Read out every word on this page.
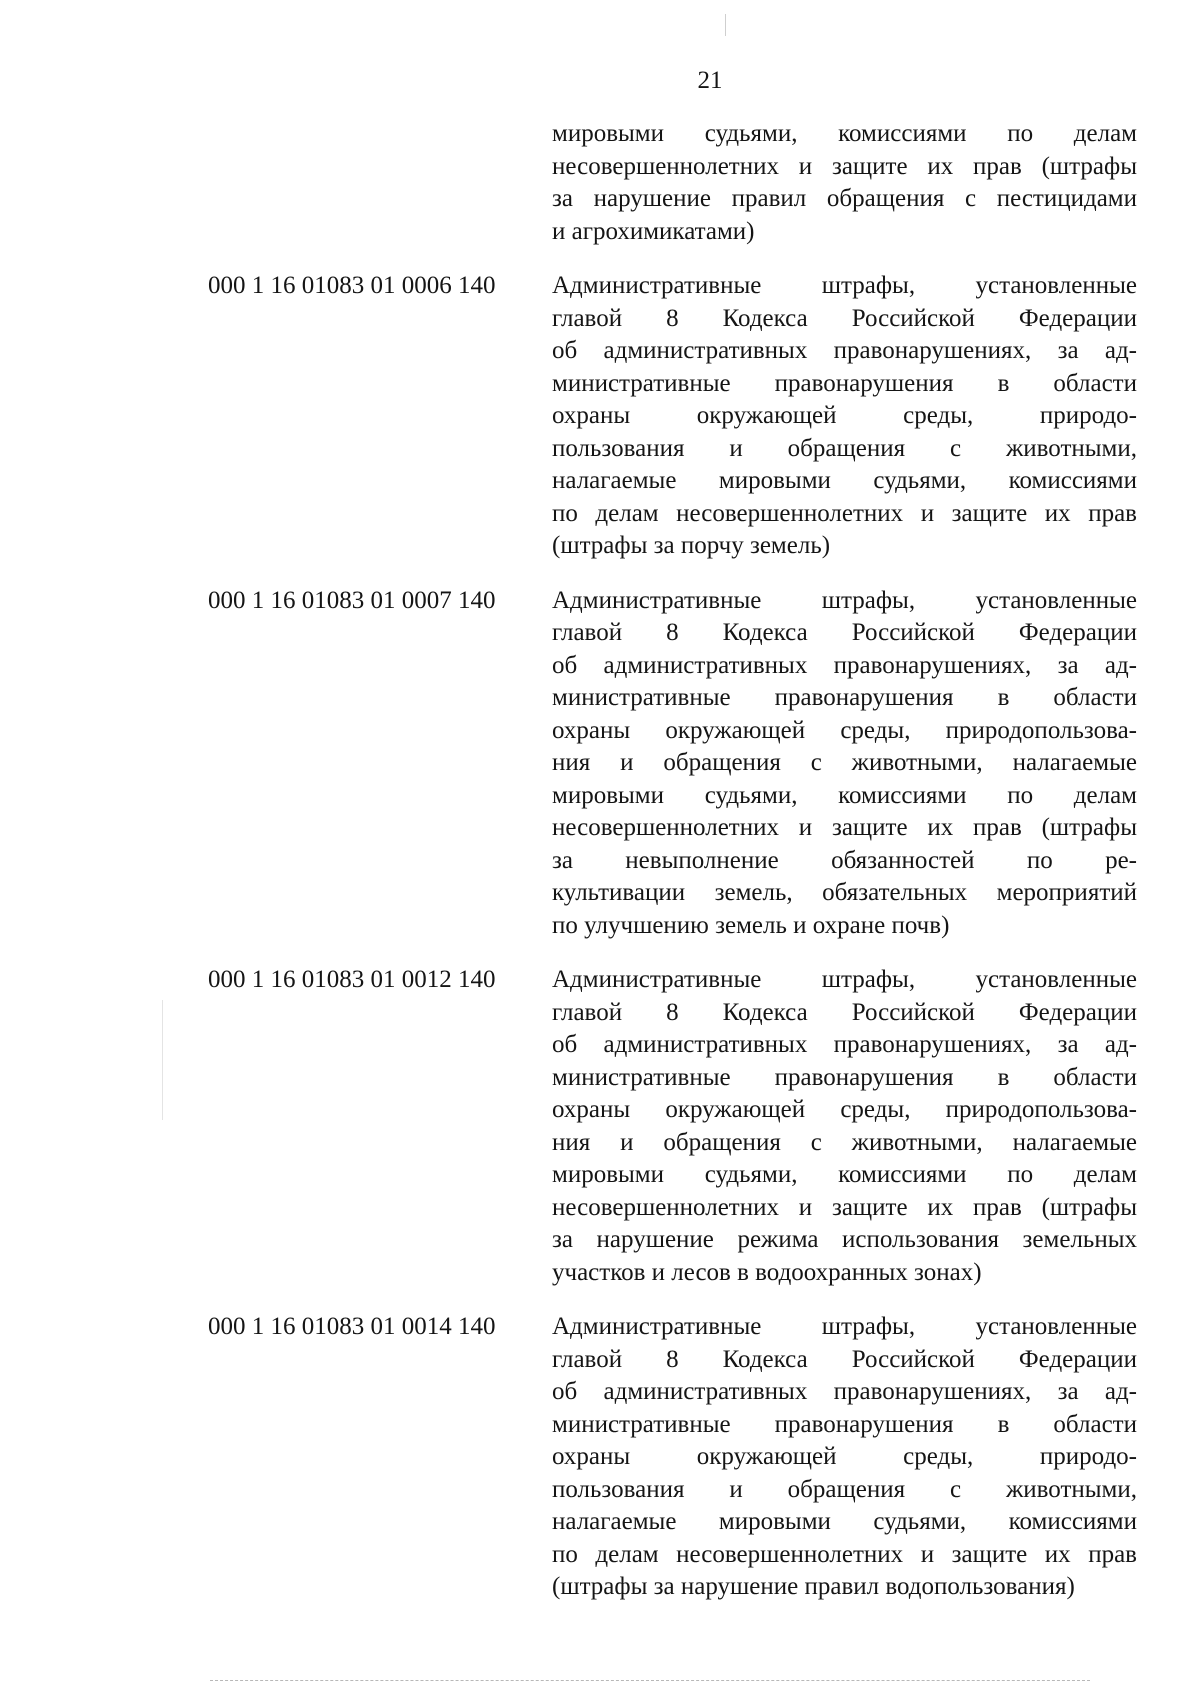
21
мировыми судьями, комиссиями по делам
несовершеннолетних и защите их прав (штрафы
за нарушение правил обращения с пестицидами
и агрохимикатами)
000 1 16 01083 01 0006 140 Административные штрафы, установленные
главой 8 Кодекса Российской Федерации
об административных правонарушениях, за ад-
министративные правонарушения в области
охраны окружающей среды, природо-
пользования и обращения с животными,
налагаемые мировыми судьями, комиссиями
по делам несовершеннолетних и защите их прав
(штрафы за порчу земель)
000 1 16 01083 01 0007 140 Административные штрафы, установленные
главой 8 Кодекса Российской Федерации
об административных правонарушениях, за ад-
министративные правонарушения в области
охраны окружающей среды, природопользова-
ния и обращения с животными, налагаемые
мировыми судьями, комиссиями по делам
несовершеннолетних и защите их прав (штрафы
за невыполнение обязанностей по ре-
культивации земель, обязательных мероприятий
по улучшению земель и охране почв)
000 1 16 01083 01 0012 140 Административные штрафы, установленные
главой 8 Кодекса Российской Федерации
об административных правонарушениях, за ад-
министративные правонарушения в области
охраны окружающей среды, природопользова-
ния и обращения с животными, налагаемые
мировыми судьями, комиссиями по делам
несовершеннолетних и защите их прав (штрафы
за нарушение режима использования земельных
участков и лесов в водоохранных зонах)
000 1 16 01083 01 0014 140 Административные штрафы, установленные
главой 8 Кодекса Российской Федерации
об административных правонарушениях, за ад-
министративные правонарушения в области
охраны окружающей среды, природо-
пользования и обращения с животными,
налагаемые мировыми судьями, комиссиями
по делам несовершеннолетних и защите их прав
(штрафы за нарушение правил водопользования)
